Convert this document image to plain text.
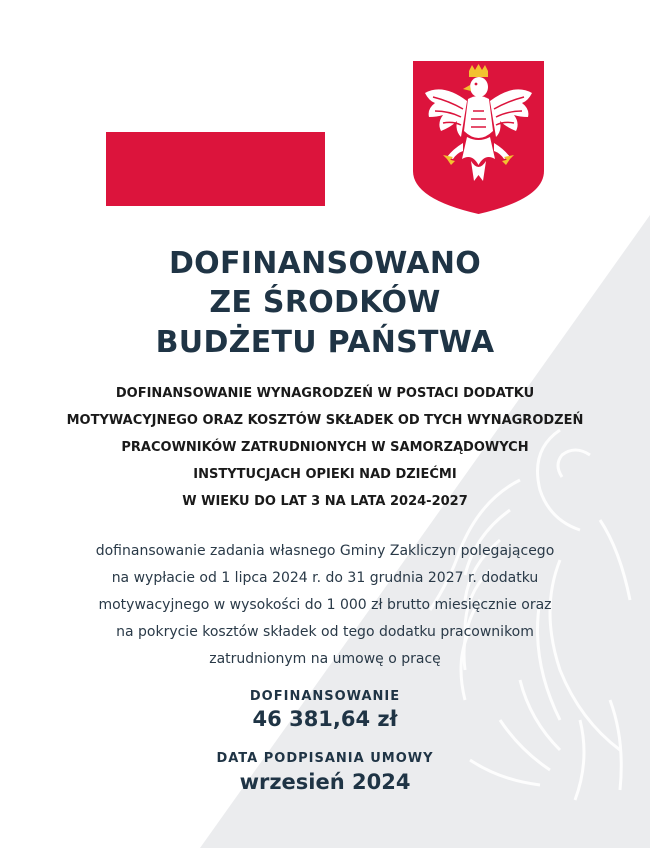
DOFINANSOWANO
ZE ŚRODKÓW
BUDŻETU PAŃSTWA
DOFINANSOWANIE WYNAGRODZEŃ W POSTACI DODATKU
MOTYWACYJNEGO ORAZ KOSZTÓW SKŁADEK OD TYCH WYNAGRODZEŃ
PRACOWNIKÓW ZATRUDNIONYCH W SAMORZĄDOWYCH
INSTYTUCJACH OPIEKI NAD DZIEĆMI
W WIEKU DO LAT 3 NA LATA 2024-2027
dofinansowanie zadania własnego Gminy Zakliczyn polegającego
na wypłacie od 1 lipca 2024 r. do 31 grudnia 2027 r. dodatku
motywacyjnego w wysokości do 1 000 zł brutto miesięcznie oraz
na pokrycie kosztów składek od tego dodatku pracownikom
zatrudnionym na umowę o pracę
DOFINANSOWANIE
46 381,64 zł
DATA PODPISANIA UMOWY
wrzesień 2024
